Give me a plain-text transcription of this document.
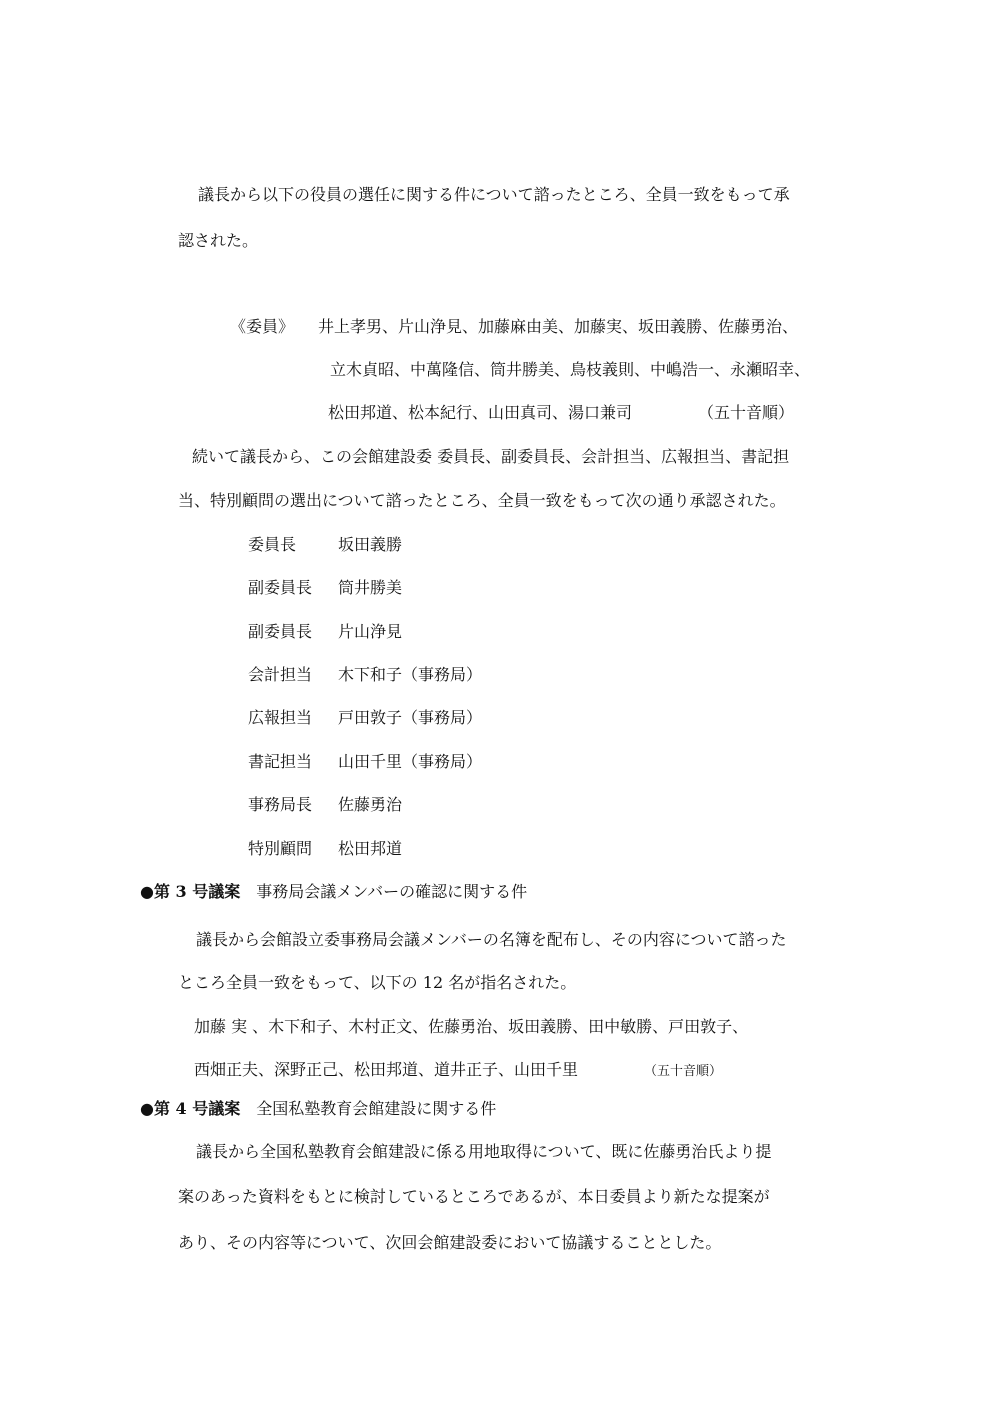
議長から以下の役員の選任に関する件について諮ったところ、全員一致をもって承
認された。
《委員》 井上孝男、片山浄見、加藤麻由美、加藤実、坂田義勝、佐藤勇治、
立木貞昭、中萬隆信、筒井勝美、鳥枝義則、中嶋浩一、永瀬昭幸、
松田邦道、松本紀行、山田真司、湯口兼司	（五十音順）
続いて議長から、この会館建設委 委員長、副委員長、会計担当、広報担当、書記担
当、特別顧問の選出について諮ったところ、全員一致をもって次の通り承認された。
委員長	坂田義勝
副委員長 筒井勝美
副委員長 片山浄見
会計担当 木下和子（事務局）
広報担当 戸田敦子（事務局）
書記担当 山田千里（事務局）
事務局長 佐藤勇治
特別顧問 松田邦道
●第 3 号議案 事務局会議メンバーの確認に関する件
議長から会館設立委事務局会議メンバーの名簿を配布し、その内容について諮った
ところ全員一致をもって、以下の 12 名が指名された。
加藤 実 、木下和子、木村正文、佐藤勇治、坂田義勝、田中敏勝、戸田敦子、
西畑正夫、深野正己、松田邦道、道井正子、山田千里	（五十音順）
●第 4 号議案 全国私塾教育会館建設に関する件
議長から全国私塾教育会館建設に係る用地取得について、既に佐藤勇治氏より提
案のあった資料をもとに検討しているところであるが、本日委員より新たな提案が
あり、その内容等について、次回会館建設委において協議することとした。
